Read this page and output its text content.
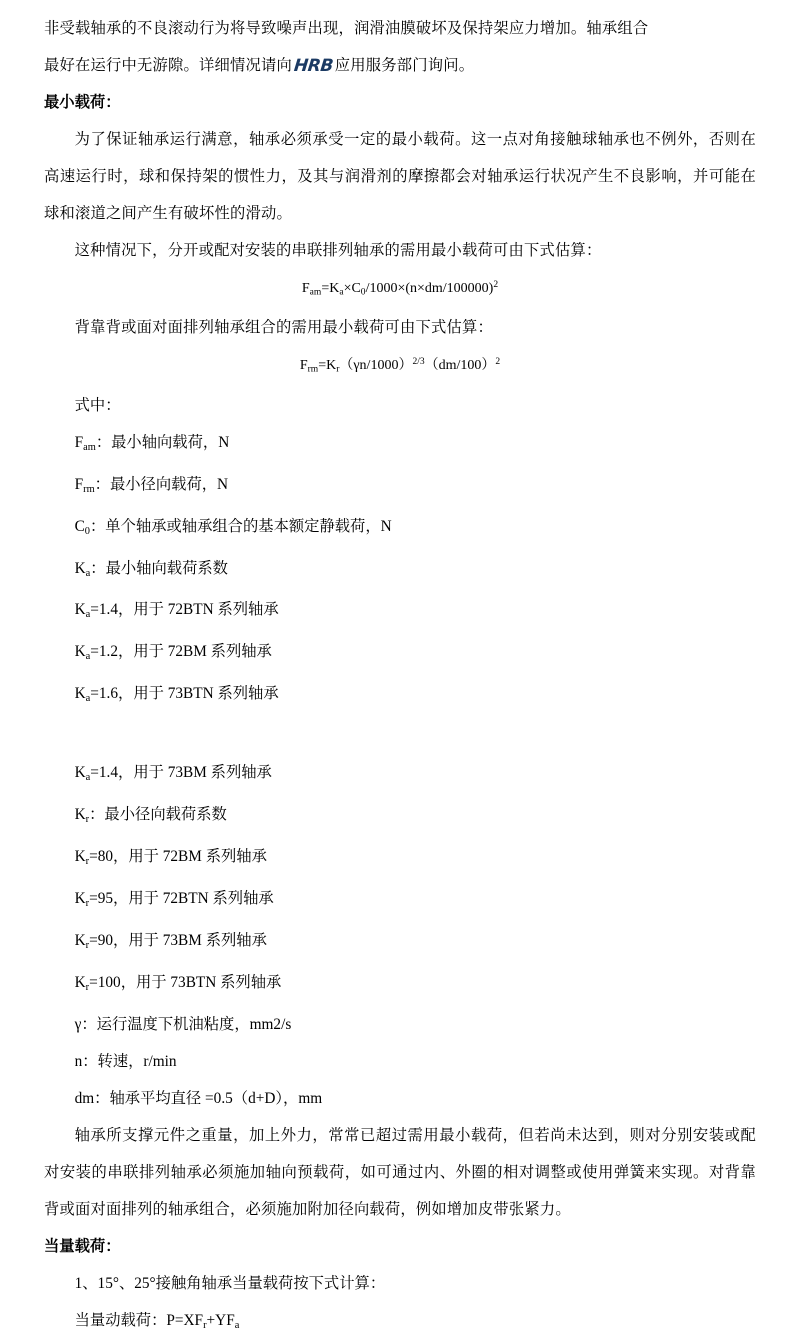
非受载轴承的不良滚动行为将导致噪声出现，润滑油膜破坏及保持架应力增加。轴承组合

最好在运行中无游隙。详细情况请向HRB应用服务部门询问。

最小载荷：

为了保证轴承运行满意，轴承必须承受一定的最小载荷。这一点对角接触球轴承也不例外，否则在高速运行时，球和保持架的惯性力，及其与润滑剂的摩擦都会对轴承运行状况产生不良影响，并可能在球和滚道之间产生有破坏性的滑动。

这种情况下，分开或配对安装的串联排列轴承的需用最小载荷可由下式估算：

$F_{am}=K_a\times C_0/1000\times(n\times dm/100000)^2$

背靠背或面对面排列轴承组合的需用最小载荷可由下式估算：

$F_{rm}=K_r(\gamma n/1000)^{2/3}(dm/100)^2$

式中：

$F_{am}$：最小轴向载荷，N

$F_{rm}$：最小径向载荷，N

$C_0$：单个轴承或轴承组合的基本额定静载荷，N

$K_a$：最小轴向载荷系数

$K_a=1.4$，用于 72BTN 系列轴承

$K_a=1.2$，用于 72BM 系列轴承

$K_a=1.6$，用于 73BTN 系列轴承

$K_a=1.4$，用于 73BM 系列轴承

$K_r$：最小径向载荷系数

$K_r=80$，用于 72BM 系列轴承

$K_r=95$，用于 72BTN 系列轴承

$K_r=90$，用于 73BM 系列轴承

$K_r=100$，用于 73BTN 系列轴承

γ：运行温度下机油粘度，mm2/s

n：转速，r/min

dm：轴承平均直径 =0.5（d+D），mm

轴承所支撑元件之重量，加上外力，常常已超过需用最小载荷，但若尚未达到，则对分别安装或配对安装的串联排列轴承必须施加轴向预载荷，如可通过内、外圈的相对调整或使用弹簧来实现。对背靠背或面对面排列的轴承组合，必须施加附加径向载荷，例如增加皮带张紧力。

当量载荷：

1、15°、25°接触角轴承当量载荷按下式计算：

当量动载荷：$P=XF_r+YF_a$
